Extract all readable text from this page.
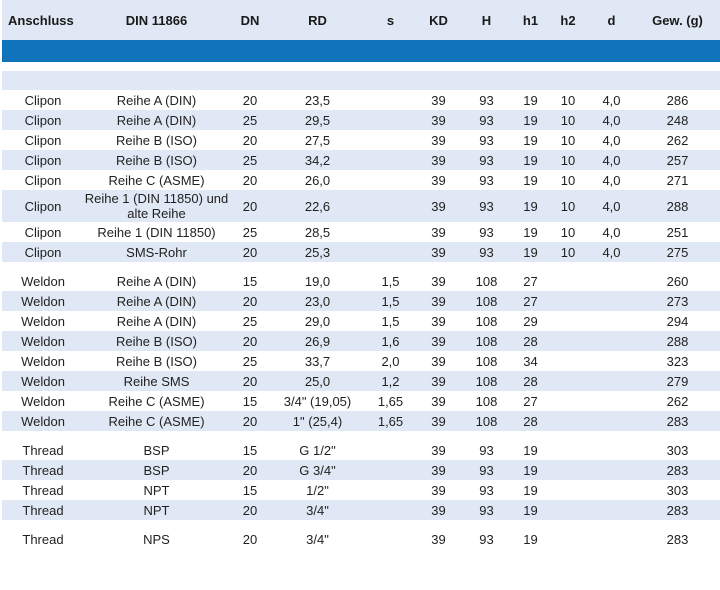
Anschluss	DIN 11866	DN	RD	s	KD	H	h1	h2	d	Gew. (g)

Clipon	Reihe A (DIN)	20	23,5		39	93	19	10	4,0	286
Clipon	Reihe A (DIN)	25	29,5		39	93	19	10	4,0	248
Clipon	Reihe B (ISO)	20	27,5		39	93	19	10	4,0	262
Clipon	Reihe B (ISO)	25	34,2		39	93	19	10	4,0	257
Clipon	Reihe C (ASME)	20	26,0		39	93	19	10	4,0	271
Clipon	Reihe 1 (DIN 11850) und alte Reihe	20	22,6		39	93	19	10	4,0	288
Clipon	Reihe 1 (DIN 11850)	25	28,5		39	93	19	10	4,0	251
Clipon	SMS-Rohr	20	25,3		39	93	19	10	4,0	275

Weldon	Reihe A (DIN)	15	19,0	1,5	39	108	27			260
Weldon	Reihe A (DIN)	20	23,0	1,5	39	108	27			273
Weldon	Reihe A (DIN)	25	29,0	1,5	39	108	29			294
Weldon	Reihe B (ISO)	20	26,9	1,6	39	108	28			288
Weldon	Reihe B (ISO)	25	33,7	2,0	39	108	34			323
Weldon	Reihe SMS	20	25,0	1,2	39	108	28			279
Weldon	Reihe C (ASME)	15	3/4" (19,05)	1,65	39	108	27			262
Weldon	Reihe C (ASME)	20	1" (25,4)	1,65	39	108	28			283

Thread	BSP	15	G 1/2"		39	93	19			303
Thread	BSP	20	G 3/4"		39	93	19			283
Thread	NPT	15	1/2"		39	93	19			303
Thread	NPT	20	3/4"		39	93	19			283

Thread	NPS	20	3/4"		39	93	19			283
